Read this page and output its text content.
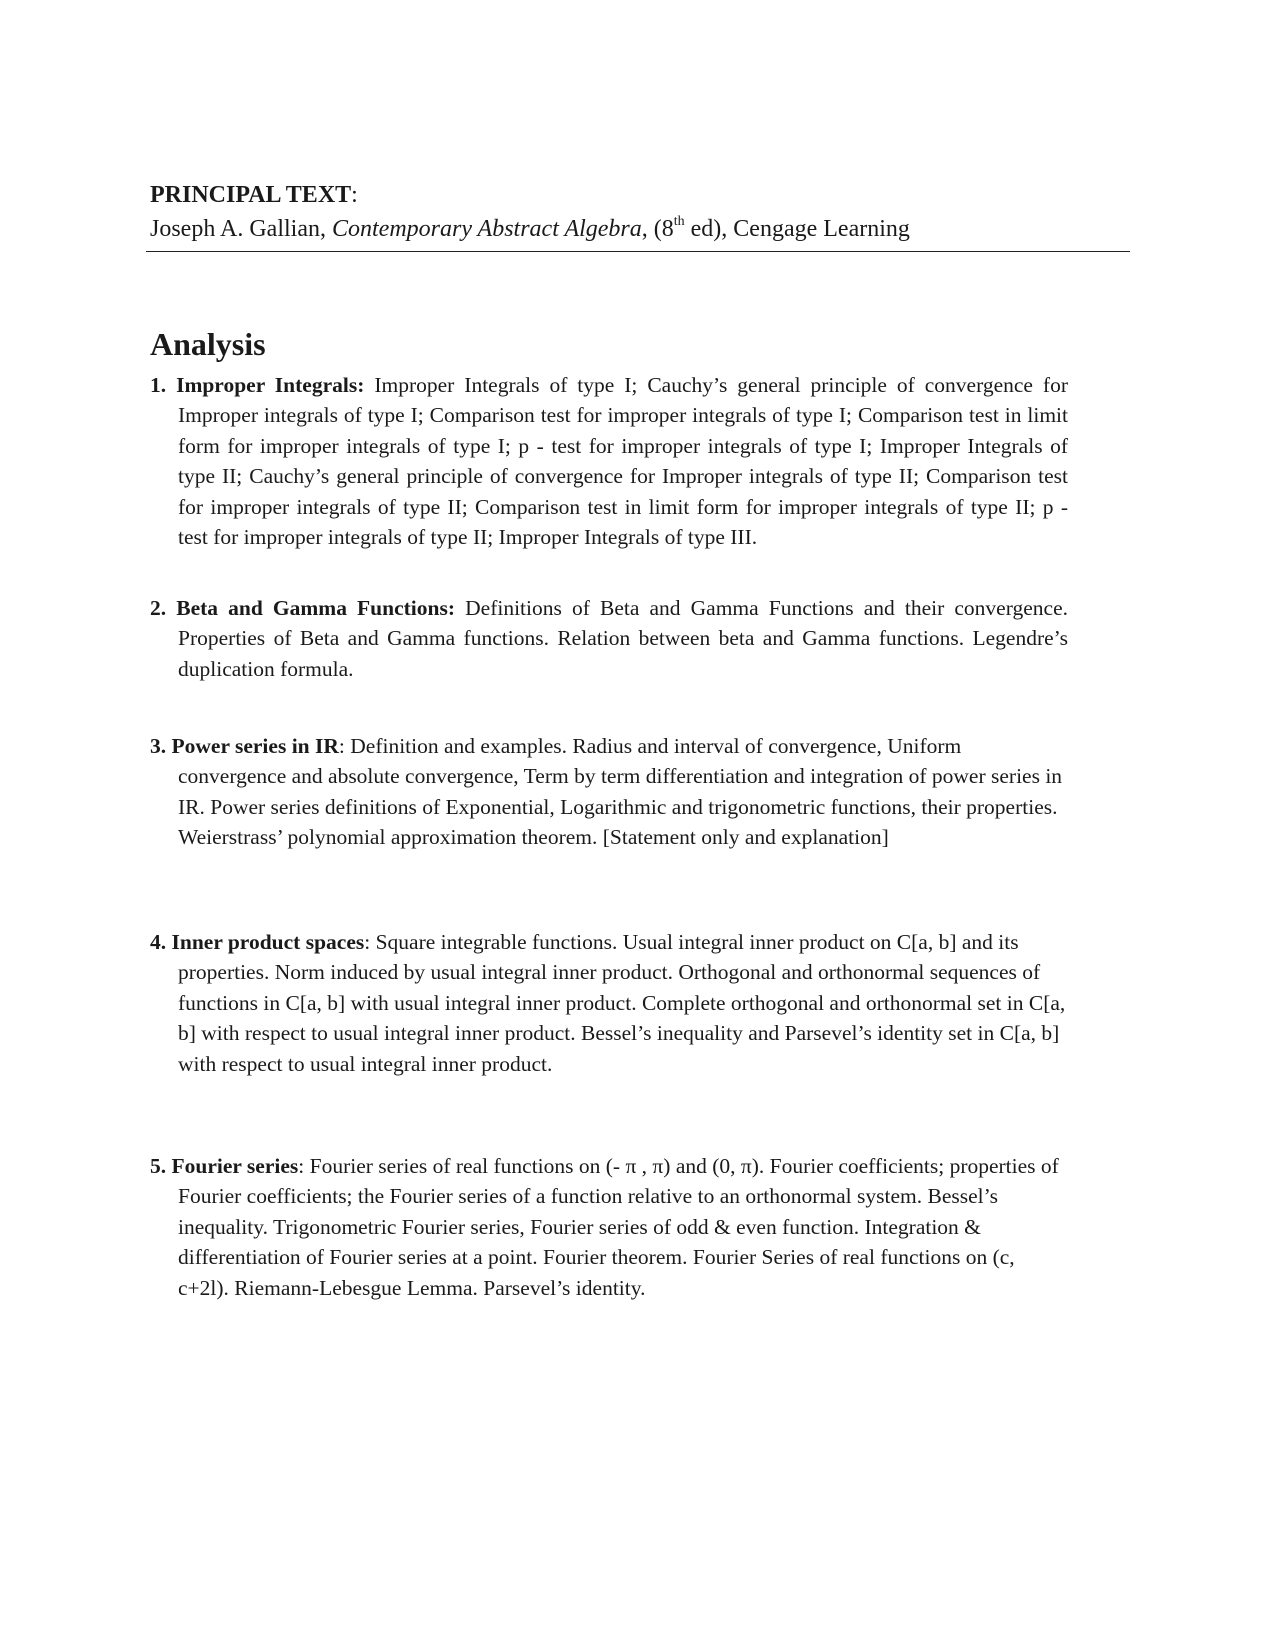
PRINCIPAL TEXT:
Joseph A. Gallian, Contemporary Abstract Algebra, (8th ed), Cengage Learning
Analysis

1. Improper Integrals: Improper Integrals of type I; Cauchy’s general principle of convergence for Improper integrals of type I; Comparison test for improper integrals of type I; Comparison test in limit form for improper integrals of type I; p - test for improper integrals of type I; Improper Integrals of type II; Cauchy’s general principle of convergence for Improper integrals of type II; Comparison test for improper integrals of type II; Comparison test in limit form for improper integrals of type II; p - test for improper integrals of type II; Improper Integrals of type III.

2. Beta and Gamma Functions: Definitions of Beta and Gamma Functions and their convergence. Properties of Beta and Gamma functions. Relation between beta and Gamma functions. Legendre’s duplication formula.

3. Power series in IR: Definition and examples. Radius and interval of convergence, Uniform convergence and absolute convergence, Term by term differentiation and integration of power series in IR. Power series definitions of Exponential, Logarithmic and trigonometric functions, their properties. Weierstrass’ polynomial approximation theorem. [Statement only and explanation]

4. Inner product spaces: Square integrable functions. Usual integral inner product on C[a, b] and its properties. Norm induced by usual integral inner product. Orthogonal and orthonormal sequences of functions in C[a, b] with usual integral inner product. Complete orthogonal and orthonormal set in C[a, b] with respect to usual integral inner product. Bessel’s inequality and Parsevel’s identity set in C[a, b] with respect to usual integral inner product.

5. Fourier series: Fourier series of real functions on (- π , π) and (0, π). Fourier coefficients; properties of Fourier coefficients; the Fourier series of a function relative to an orthonormal system. Bessel’s inequality. Trigonometric Fourier series, Fourier series of odd & even function. Integration & differentiation of Fourier series at a point. Fourier theorem. Fourier Series of real functions on (c, c+2l). Riemann-Lebesgue Lemma. Parsevel’s identity.
